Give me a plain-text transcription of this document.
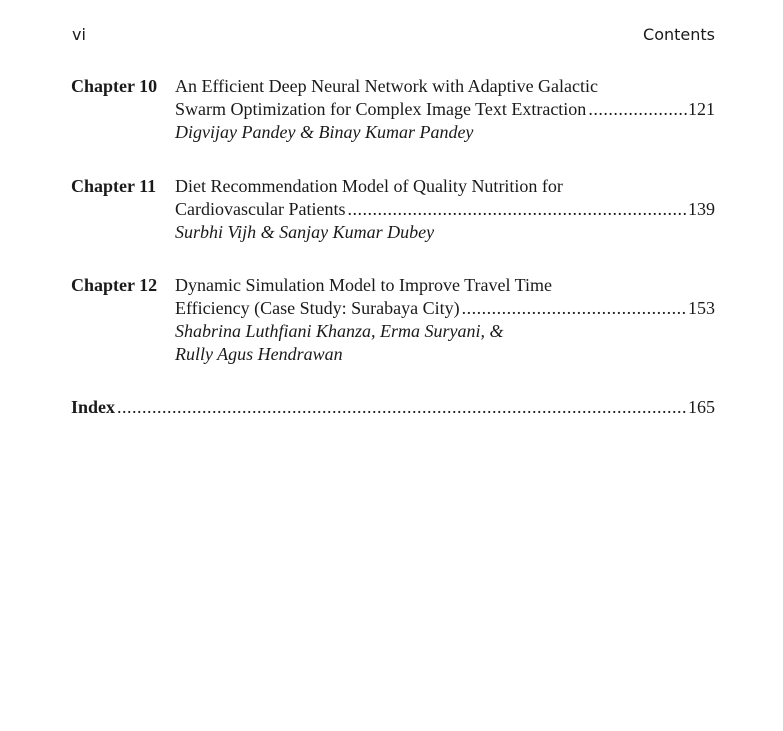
vi	Contents
Chapter 10 An Efficient Deep Neural Network with Adaptive Galactic
Swarm Optimization for Complex Image Text Extraction . . .	121
Digvijay Pandey & Binay Kumar Pandey
Chapter 11 Diet Recommendation Model of Quality Nutrition for
Cardiovascular Patients . . .	139
Surbhi Vijh & Sanjay Kumar Dubey
Chapter 12 Dynamic Simulation Model to Improve Travel Time
Efficiency (Case Study: Surabaya City) . . .	153
Shabrina Luthfiani Khanza, Erma Suryani, &
Rully Agus Hendrawan
Index . . .	165
